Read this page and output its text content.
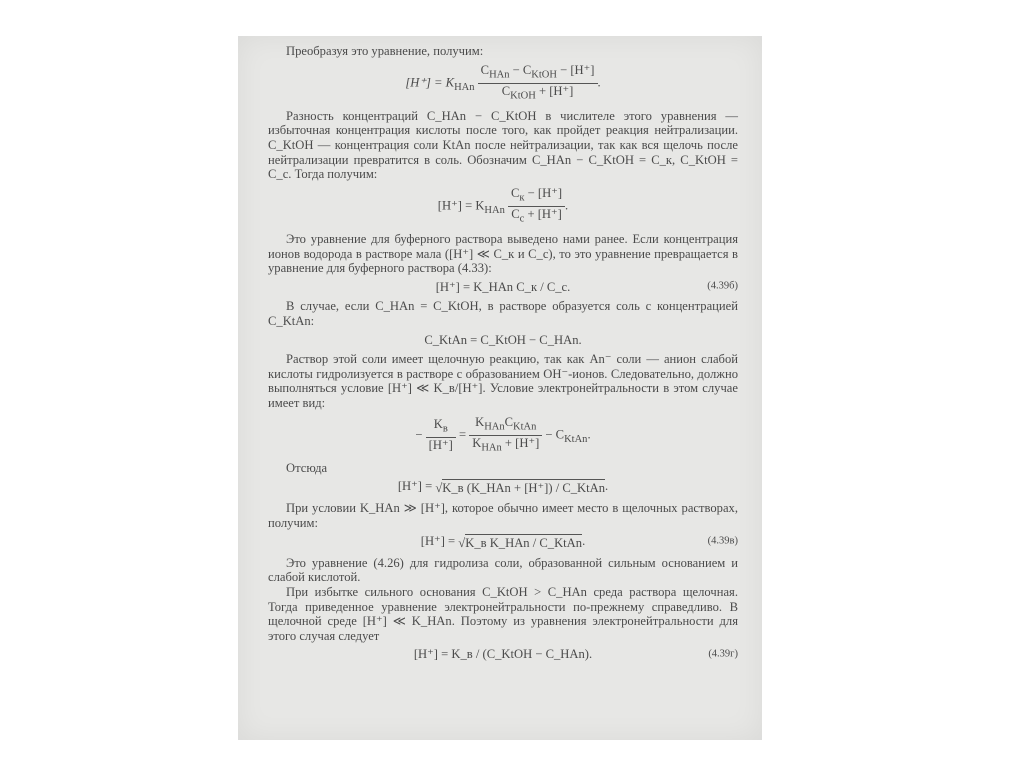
Преобразуя это уравнение, получим:

$[H^+] = K_{HAn} \frac{C_{HAn} - C_{KtOH} - [H^+]}{C_{KtOH} + [H^+]}$ .

Разность концентраций C_HAn − C_KtOH в числителе этого уравнения — избыточная концентрация кислоты после того, как пройдет реакция нейтрализации. C_KtOH — концентрация соли KtAn после нейтрализации, так как вся щелочь после нейтрализации превратится в соль. Обозначим C_HAn − C_KtOH = C_к, C_KtOH = C_c. Тогда получим:

$[H^+] = K_{HAn} \frac{C_к - [H^+]}{C_c + [H^+]}$ .

Это уравнение для буферного раствора выведено нами ранее. Если концентрация ионов водорода в растворе мала ([H⁺] ≪ C_к и C_c), то это уравнение превращается в уравнение для буферного раствора (4.33):

[H⁺] = K_HAn C_к / C_c.	(4.39б)

В случае, если C_HAn = C_KtOH, в растворе образуется соль с концентрацией C_KtAn:

C_KtAn = C_KtOH − C_HAn.

Раствор этой соли имеет щелочную реакцию, так как An⁻ соли — анион слабой кислоты гидролизуется в растворе с образованием OH⁻-ионов. Следовательно, должно выполняться условие [H⁺] ≪ K_в/[H⁺]. Условие электронейтральности в этом случае имеет вид:

− $\frac{K_в}{[H^+]} = \frac{K_{HAn}C_{KtAn}}{K_{HAn} + [H^+]} - C_{KtAn}$.

Отсюда

[H⁺] = √K_в (K_HAn + [H⁺]) / C_KtAn.

При условии K_HAn ≫ [H⁺], которое обычно имеет место в щелочных растворах, получим:

[H⁺] = √K_в K_HAn / C_KtAn.	(4.39в)

Это уравнение (4.26) для гидролиза соли, образованной сильным основанием и слабой кислотой.

При избытке сильного основания C_KtOH > C_HAn среда раствора щелочная. Тогда приведенное уравнение электронейтральности по-прежнему справедливо. В щелочной среде [H⁺] ≪ K_HAn. Поэтому из уравнения электронейтральности для этого случая следует

[H⁺] = K_в / (C_KtOH − C_HAn).	(4.39г)
